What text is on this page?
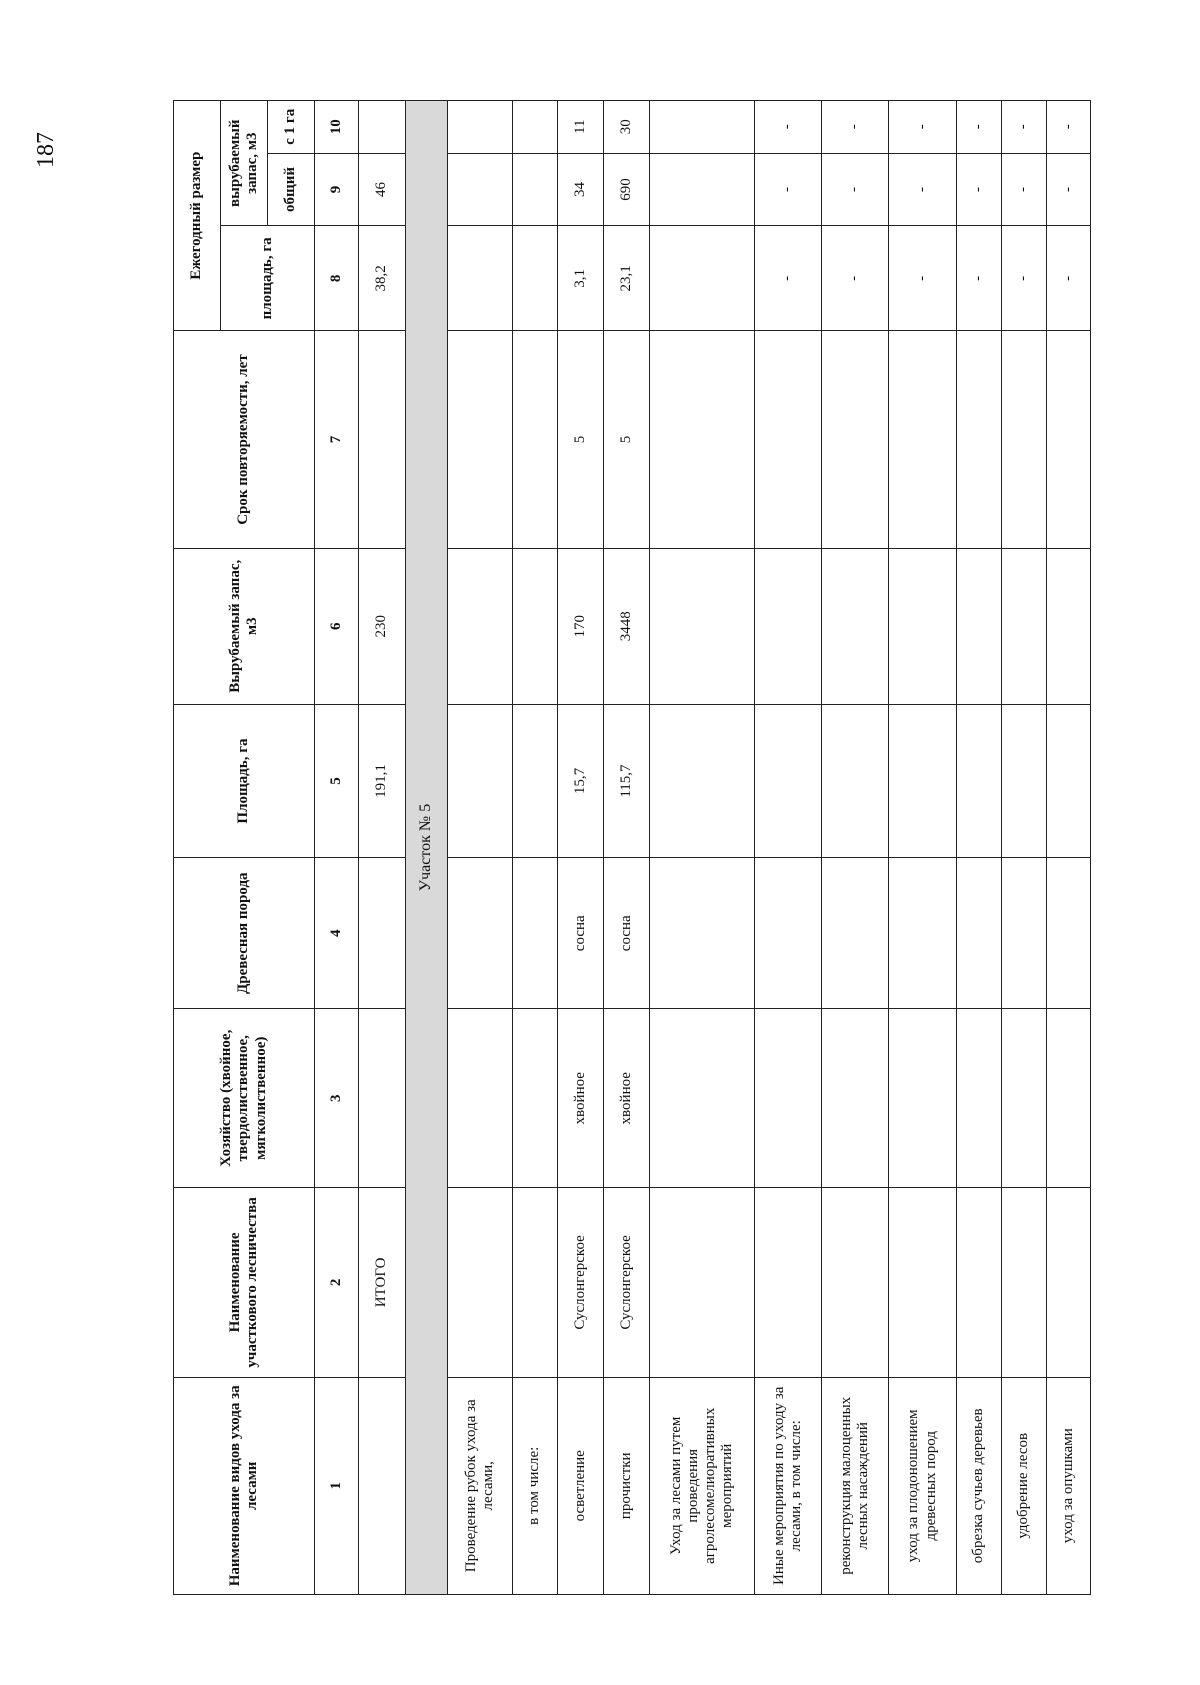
187
Наименование видов ухода за лесами	Наименование участкового лесничества	Хозяйство (хвойное, твердолиственное, мягколиственное)	Древесная порода	Площадь, га	Вырубаемый запас, м3	Срок повторяемости, лет	Ежегодный размер		
							площадь, га	вырубаемый запас, м3	
								общий	с 1 га
1	2	3	4	5	6	7	8	9	10
	ИТОГО			191,1	230		38,2	46	
Участок № 5									
Проведение рубок ухода за лесами,									
в том числе:									
осветление	Суслонгерское	хвойное	сосна	15,7	170	5	3,1	34	11
прочистки	Суслонгерское	хвойное	сосна	115,7	3448	5	23,1	690	30
Уход за лесами путем проведения агролесомелиоративных мероприятий									
Иные мероприятия по уходу за лесами, в том числе:							-	-	-
реконструкция малоценных лесных насаждений							-	-	-
уход за плодоношением древесных пород							-	-	-
обрезка сучьев деревьев							-	-	-
удобрение лесов							-	-	-
уход за опушками							-	-	-
